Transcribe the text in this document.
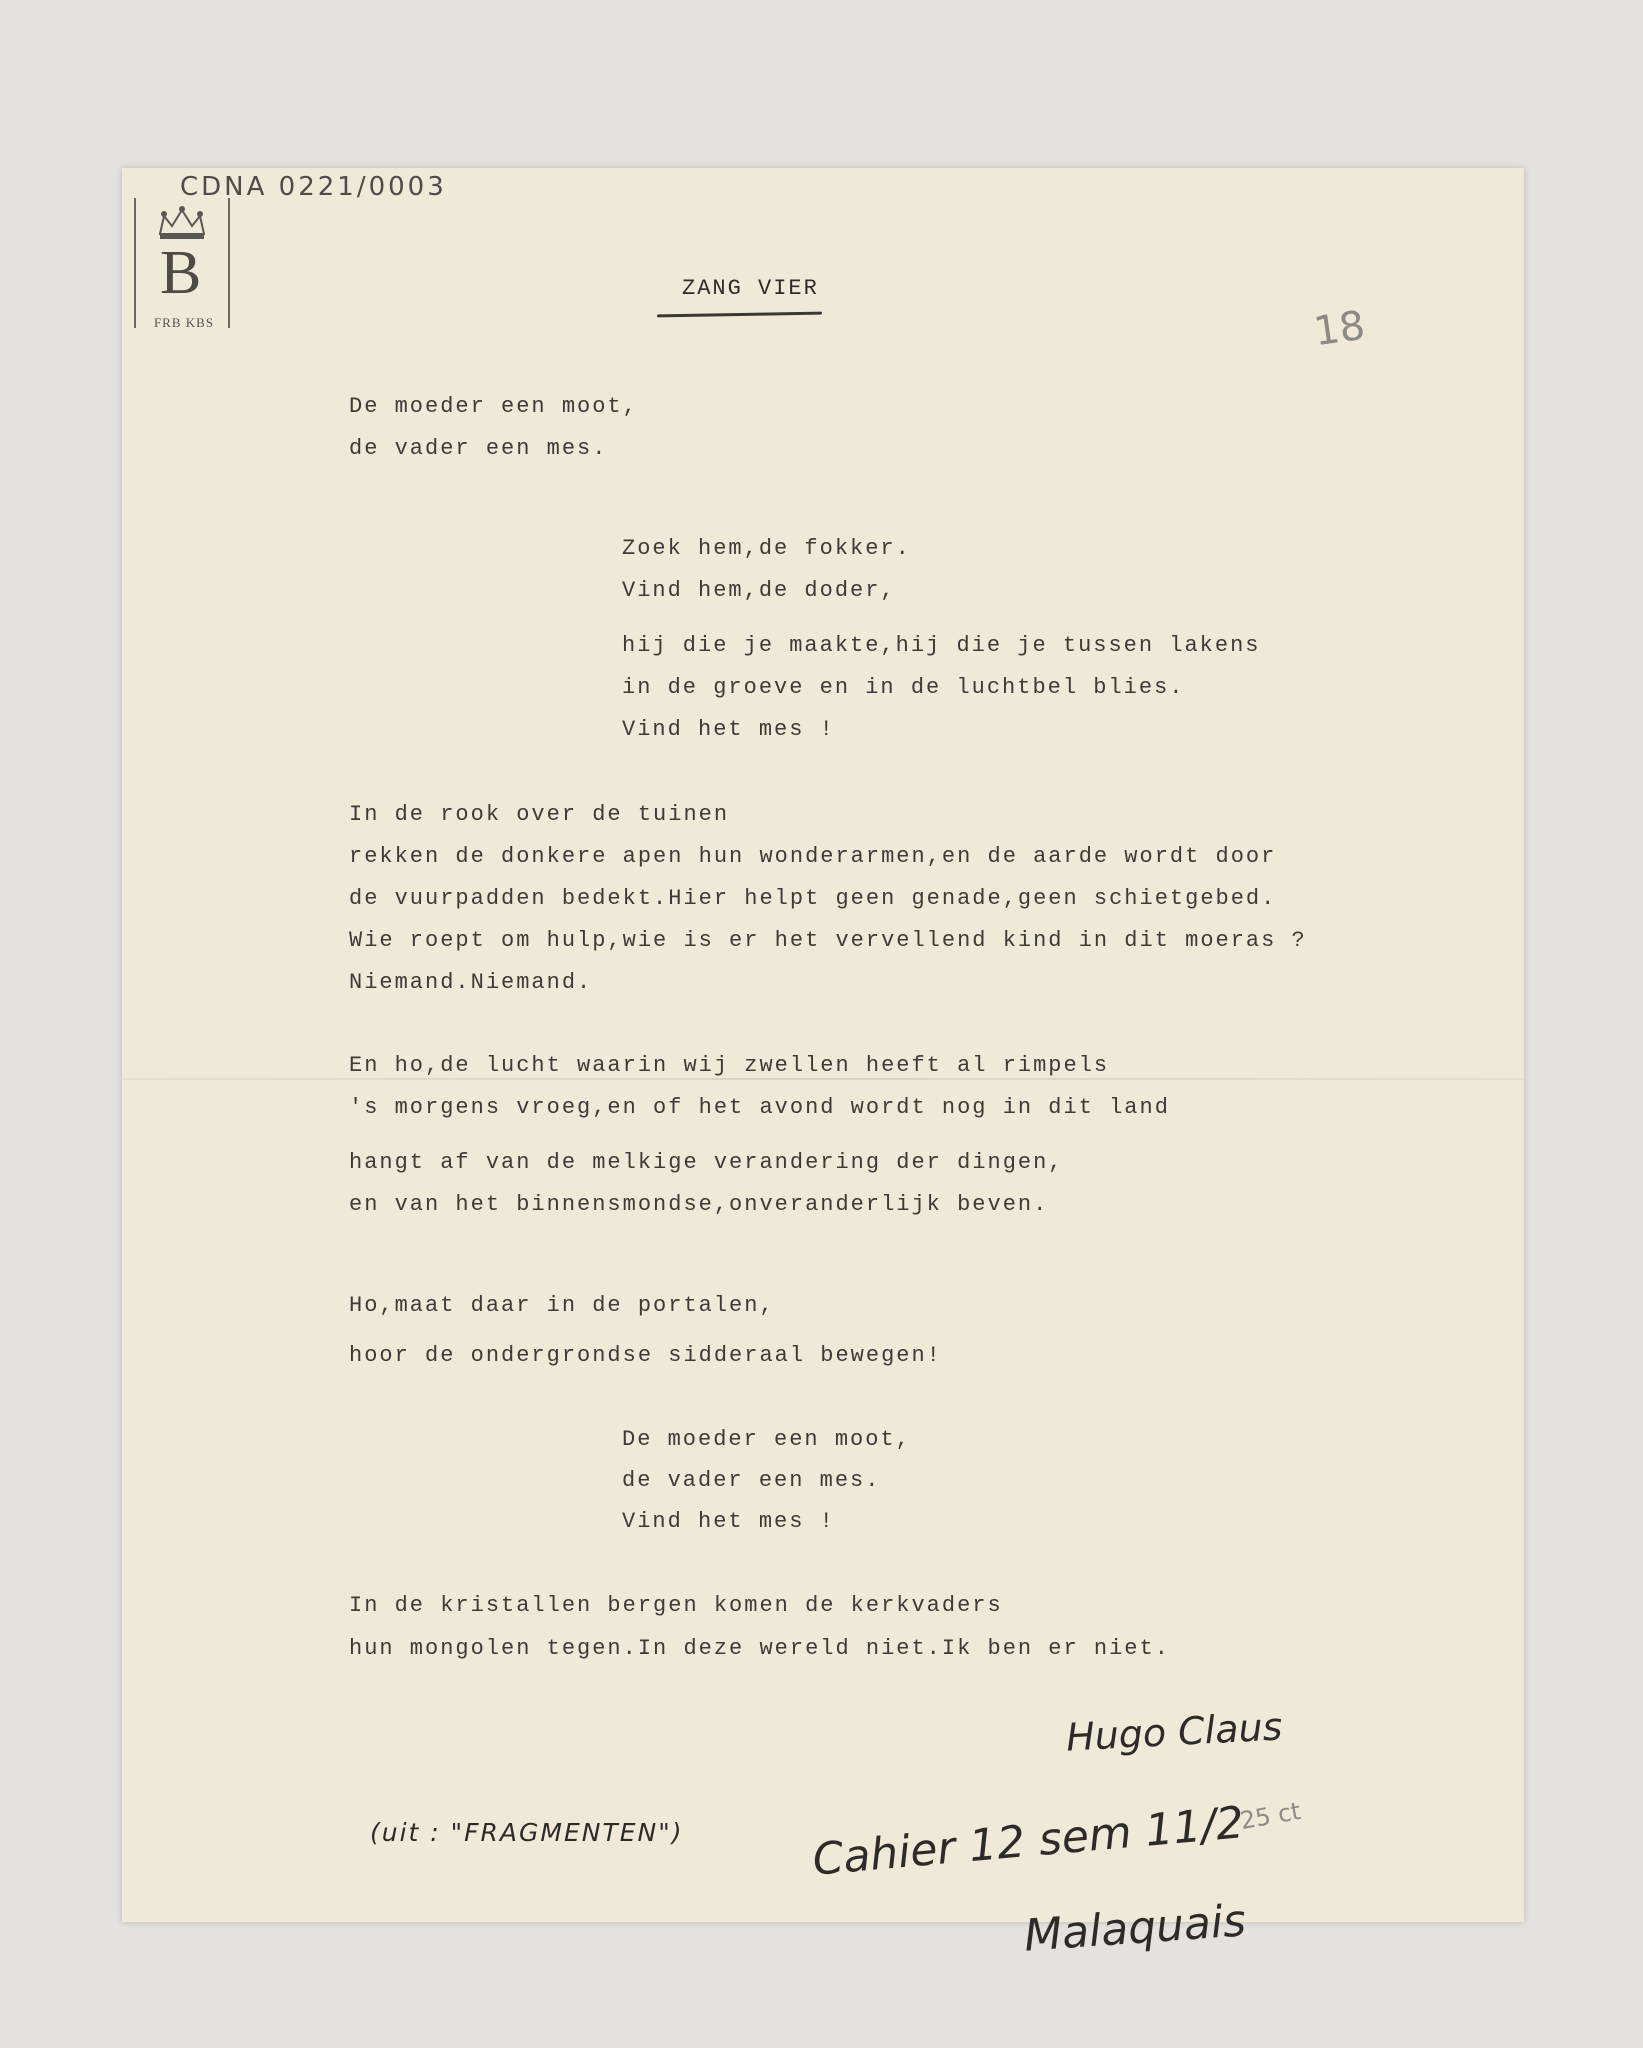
B
FRB KBS

CDNA 0221/0003

18

ZANG VIER

De moeder een moot,

de vader een mes.

Zoek hem,de fokker.

Vind hem,de doder,

hij die je maakte,hij die je tussen lakens

in de groeve en in de luchtbel blies.

Vind het mes !

In de rook over de tuinen

rekken de donkere apen hun wonderarmen,en de aarde wordt door

de vuurpadden bedekt.Hier helpt geen genade,geen schietgebed.

Wie roept om hulp,wie is er het vervellend kind in dit moeras ?

Niemand.Niemand.

En ho,de lucht waarin wij zwellen heeft al rimpels

's morgens vroeg,en of het avond wordt nog in dit land

hangt af van de melkige verandering der dingen,

en van het binnensmondse,onveranderlijk beven.

Ho,maat daar in de portalen,

hoor de ondergrondse sidderaal bewegen!

De moeder een moot,

de vader een mes.

Vind het mes !

In de kristallen bergen komen de kerkvaders

hun mongolen tegen.In deze wereld niet.Ik ben er niet.

Hugo Claus

25 ct

(uit : "FRAGMENTEN")	Cahier 12 sem 11/2

Malaquais
